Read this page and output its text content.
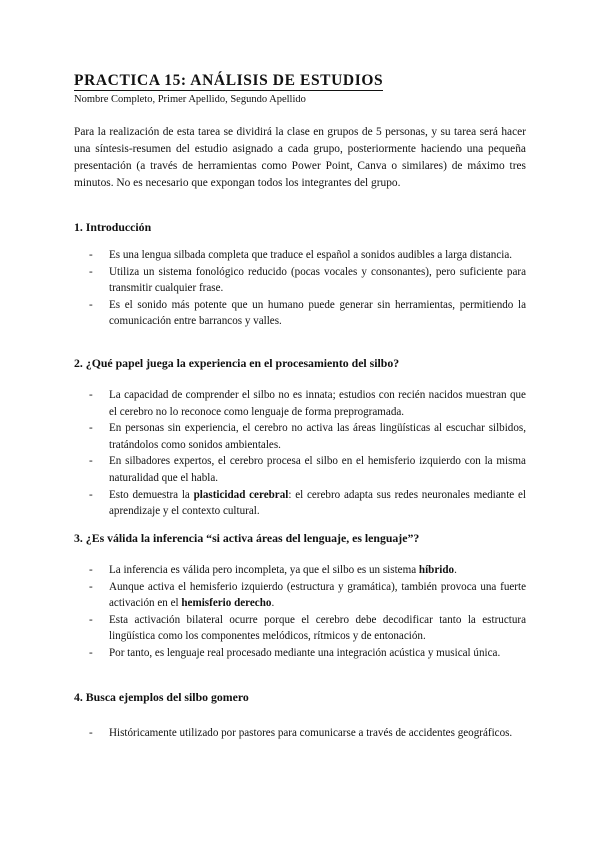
PRACTICA 15: ANÁLISIS DE ESTUDIOS
Nombre Completo, Primer Apellido, Segundo Apellido
Para la realización de esta tarea se dividirá la clase en grupos de 5 personas, y su tarea será hacer una síntesis-resumen del estudio asignado a cada grupo, posteriormente haciendo una pequeña presentación (a través de herramientas como Power Point, Canva o similares) de máximo tres minutos. No es necesario que expongan todos los integrantes del grupo.
1. Introducción
- Es una lengua silbada completa que traduce el español a sonidos audibles a larga distancia.
- Utiliza un sistema fonológico reducido (pocas vocales y consonantes), pero suficiente para transmitir cualquier frase.
- Es el sonido más potente que un humano puede generar sin herramientas, permitiendo la comunicación entre barrancos y valles.
2. ¿Qué papel juega la experiencia en el procesamiento del silbo?
- La capacidad de comprender el silbo no es innata; estudios con recién nacidos muestran que el cerebro no lo reconoce como lenguaje de forma preprogramada.
- En personas sin experiencia, el cerebro no activa las áreas lingüísticas al escuchar silbidos, tratándolos como sonidos ambientales.
- En silbadores expertos, el cerebro procesa el silbo en el hemisferio izquierdo con la misma naturalidad que el habla.
- Esto demuestra la plasticidad cerebral: el cerebro adapta sus redes neuronales mediante el aprendizaje y el contexto cultural.
3. ¿Es válida la inferencia “si activa áreas del lenguaje, es lenguaje”?
- La inferencia es válida pero incompleta, ya que el silbo es un sistema híbrido.
- Aunque activa el hemisferio izquierdo (estructura y gramática), también provoca una fuerte activación en el hemisferio derecho.
- Esta activación bilateral ocurre porque el cerebro debe decodificar tanto la estructura lingüística como los componentes melódicos, rítmicos y de entonación.
- Por tanto, es lenguaje real procesado mediante una integración acústica y musical única.
4. Busca ejemplos del silbo gomero
- Históricamente utilizado por pastores para comunicarse a través de accidentes geográficos.
